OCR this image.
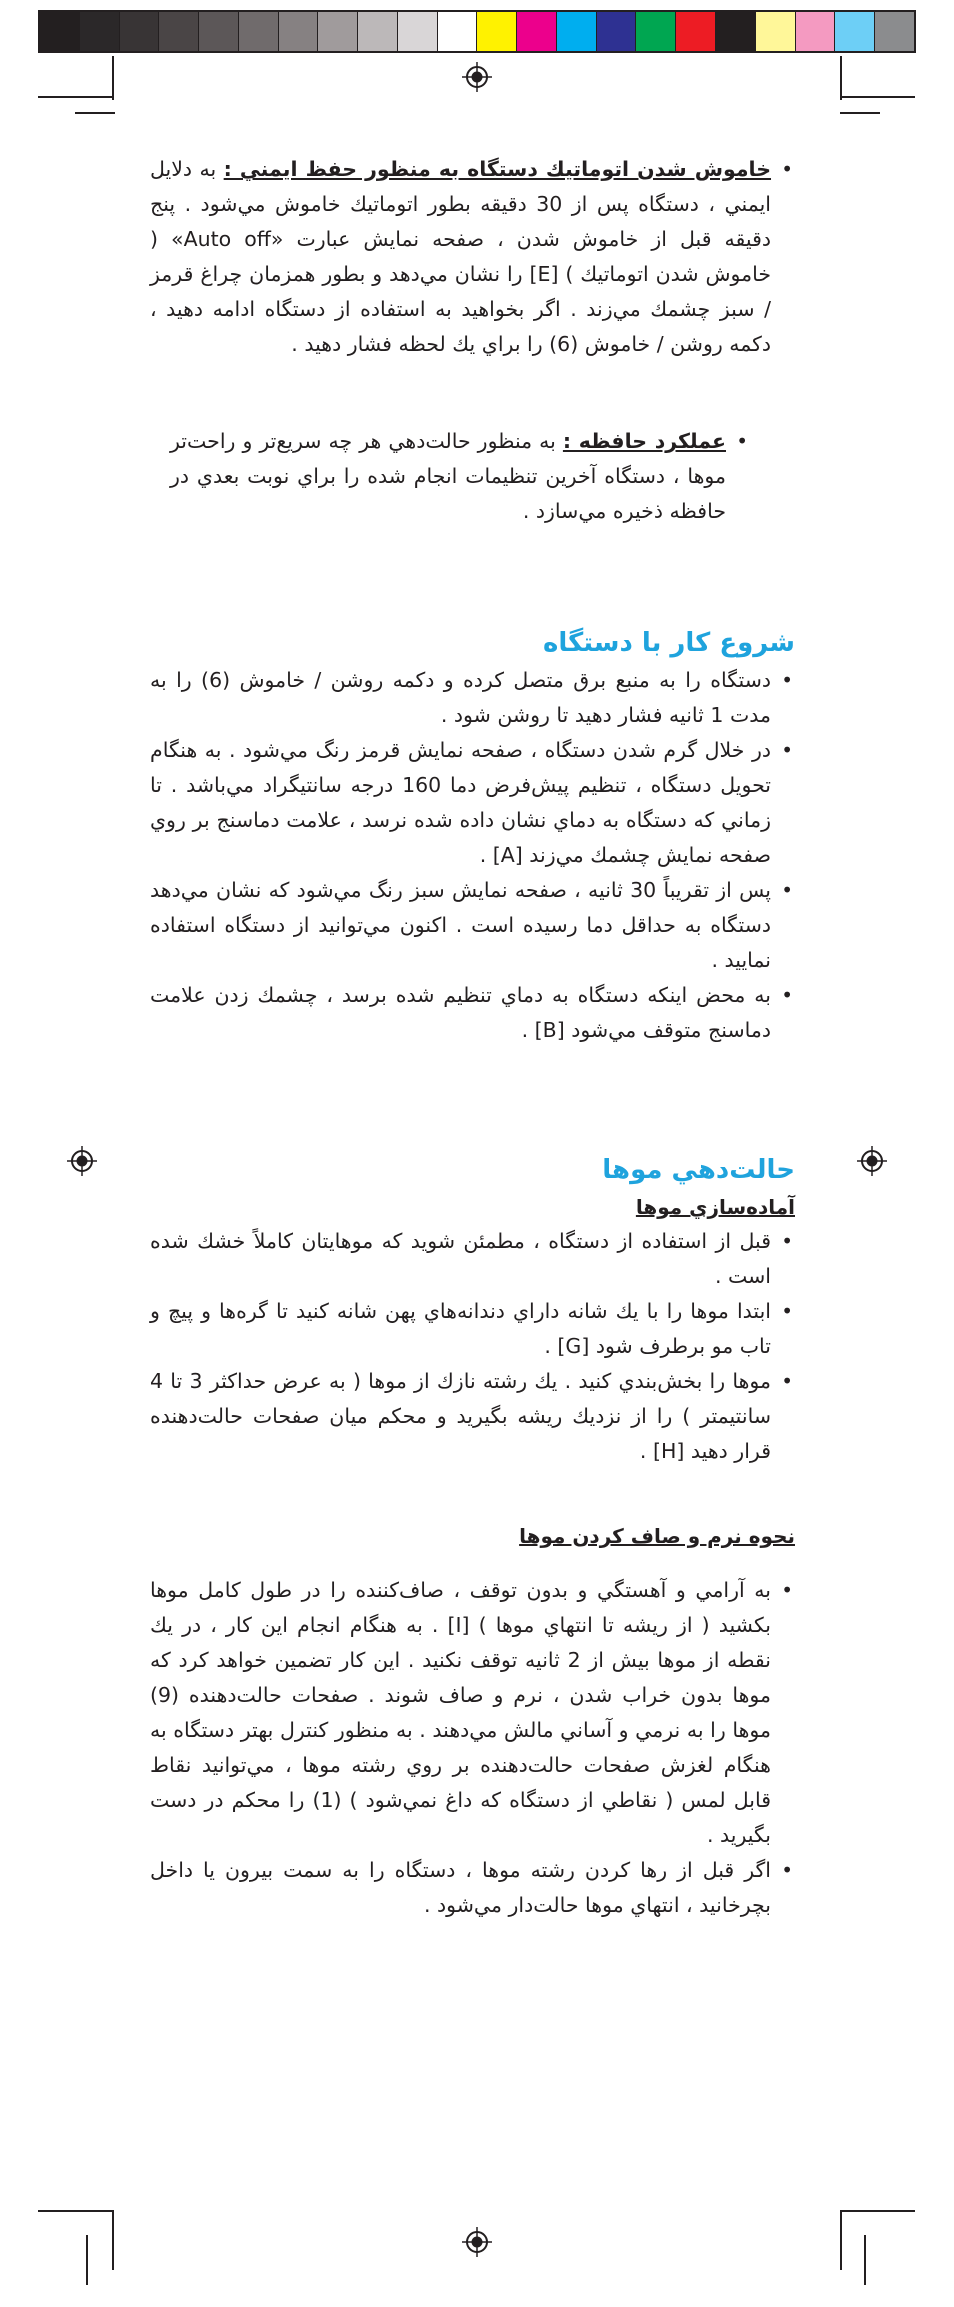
• خاموش شدن اتوماتيك دستگاه به منظور حفظ ايمني : به دلايل ايمني ، دستگاه پس از 30 دقيقه بطور اتوماتيك خاموش مي‌شود . پنج دقيقه قبل از خاموش شدن ، صفحه نمايش عبارت «Auto off» ( خاموش شدن اتوماتيك ) [E] را نشان مي‌دهد و بطور همزمان چراغ قرمز / سبز چشمك مي‌زند . اگر بخواهيد به استفاده از دستگاه ادامه دهيد ، دكمه روشن / خاموش (6) را براي يك لحظه فشار دهيد .
• عملكرد حافظه : به منظور حالت‌دهي هر چه سريع‌تر و راحت‌تر موها ، دستگاه آخرين تنظيمات انجام شده را براي نوبت بعدي در حافظه ذخيره مي‌سازد .
شروع كار با دستگاه
• دستگاه را به منبع برق متصل كرده و دكمه روشن / خاموش (6) را به مدت 1 ثانيه فشار دهيد تا روشن شود .
• در خلال گرم شدن دستگاه ، صفحه نمايش قرمز رنگ مي‌شود . به هنگام تحويل دستگاه ، تنظيم پيش‌فرض دما 160 درجه سانتيگراد مي‌باشد . تا زماني كه دستگاه به دماي نشان داده شده نرسد ، علامت دماسنج بر روي صفحه نمايش چشمك مي‌زند [A] .
• پس از تقريباً 30 ثانيه ، صفحه نمايش سبز رنگ مي‌شود كه نشان مي‌دهد دستگاه به حداقل دما رسيده است . اكنون مي‌توانيد از دستگاه استفاده نماييد .
• به محض اينكه دستگاه به دماي تنظيم شده برسد ، چشمك زدن علامت دماسنج متوقف مي‌شود [B] .
حالت‌دهي موها
آماده‌سازي موها
• قبل از استفاده از دستگاه ، مطمئن شويد كه موهايتان كاملاً خشك شده است .
• ابتدا موها را با يك شانه داراي دندانه‌هاي پهن شانه كنيد تا گره‌ها و پيچ و تاب مو برطرف شود [G] .
• موها را بخش‌بندي كنيد . يك رشته نازك از موها ( به عرض حداكثر 3 تا 4 سانتيمتر ) را از نزديك ريشه بگيريد و محكم ميان صفحات حالت‌دهنده قرار دهيد [H] .
نحوه نرم و صاف كردن موها
• به آرامي و آهستگي و بدون توقف ، صاف‌كننده را در طول كامل موها بكشيد ( از ريشه تا انتهاي موها ) [I] . به هنگام انجام اين كار ، در يك نقطه از موها بيش از 2 ثانيه توقف نكنيد . اين كار تضمين خواهد كرد كه موها بدون خراب شدن ، نرم و صاف شوند . صفحات حالت‌دهنده (9) موها را به نرمي و آساني مالش مي‌دهند . به منظور كنترل بهتر دستگاه به هنگام لغزش صفحات حالت‌دهنده بر روي رشته موها ، مي‌توانيد نقاط قابل لمس ( نقاطي از دستگاه كه داغ نمي‌شود ) (1) را محكم در دست بگيريد .
• اگر قبل از رها كردن رشته موها ، دستگاه را به سمت بيرون يا داخل بچرخانيد ، انتهاي موها حالت‌دار مي‌شود .
